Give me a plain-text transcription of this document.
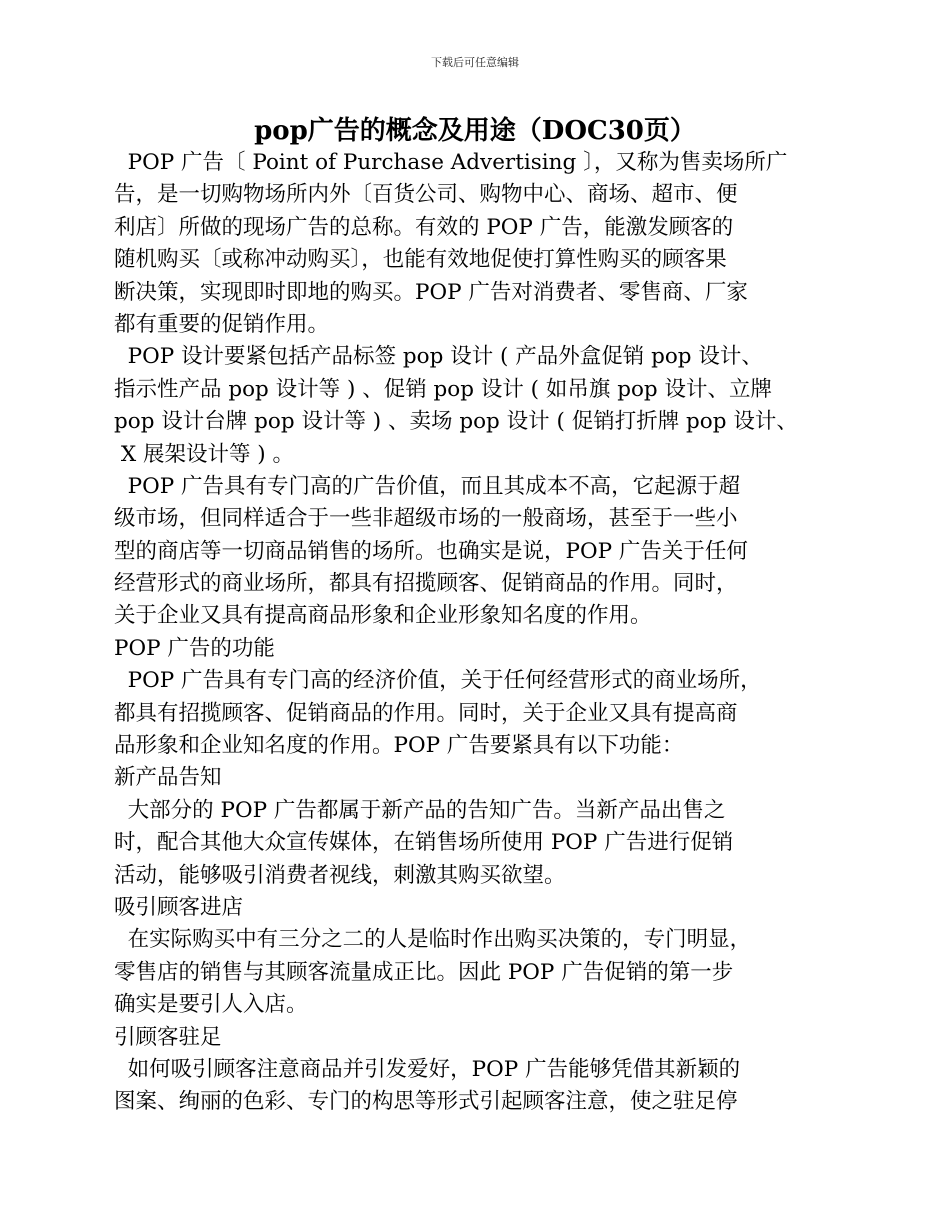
下载后可任意编辑
pop广告的概念及用途（DOC30页）
POP 广告〔 Point of Purchase Advertising 〕，又称为售卖场所广
告，是一切购物场所内外〔百货公司、购物中心、商场、超市、便
利店〕所做的现场广告的总称。有效的 POP 广告，能激发顾客的
随机购买〔或称冲动购买〕，也能有效地促使打算性购买的顾客果
断决策，实现即时即地的购买。POP 广告对消费者、零售商、厂家
都有重要的促销作用。
POP 设计要紧包括产品标签 pop 设计 ( 产品外盒促销 pop 设计、
指示性产品 pop 设计等 ) 、促销 pop 设计 ( 如吊旗 pop 设计、立牌
pop 设计台牌 pop 设计等 ) 、卖场 pop 设计 ( 促销打折牌 pop 设计、
X 展架设计等 ) 。
POP 广告具有专门高的广告价值，而且其成本不高，它起源于超
级市场，但同样适合于一些非超级市场的一般商场，甚至于一些小
型的商店等一切商品销售的场所。也确实是说，POP 广告关于任何
经营形式的商业场所，都具有招揽顾客、促销商品的作用。同时，
关于企业又具有提高商品形象和企业形象知名度的作用。
POP 广告的功能
POP 广告具有专门高的经济价值，关于任何经营形式的商业场所，
都具有招揽顾客、促销商品的作用。同时，关于企业又具有提高商
品形象和企业知名度的作用。POP 广告要紧具有以下功能：
新产品告知
大部分的 POP 广告都属于新产品的告知广告。当新产品出售之
时，配合其他大众宣传媒体，在销售场所使用 POP 广告进行促销
活动，能够吸引消费者视线，刺激其购买欲望。
吸引顾客进店
在实际购买中有三分之二的人是临时作出购买决策的，专门明显，
零售店的销售与其顾客流量成正比。因此 POP 广告促销的第一步
确实是要引人入店。
引顾客驻足
如何吸引顾客注意商品并引发爱好，POP 广告能够凭借其新颖的
图案、绚丽的色彩、专门的构思等形式引起顾客注意，使之驻足停
